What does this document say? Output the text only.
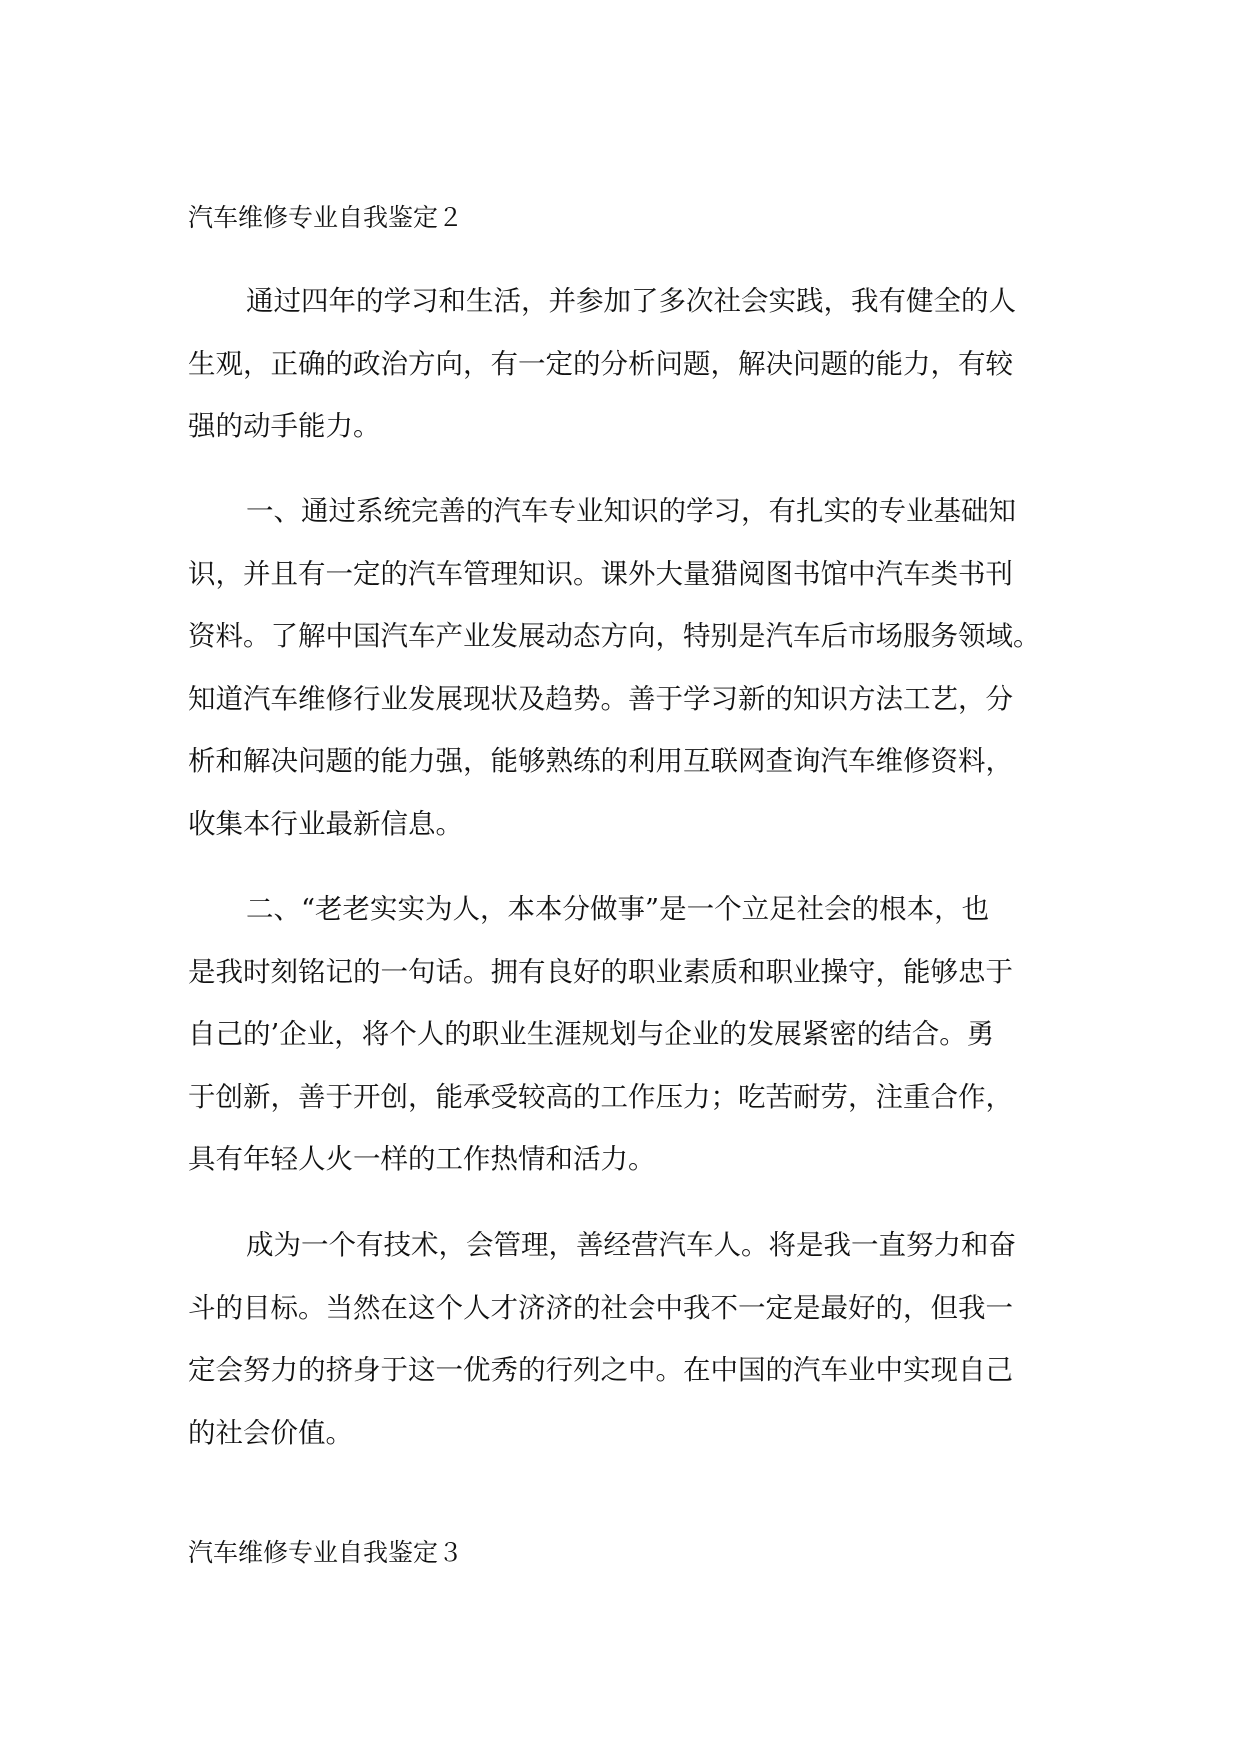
汽车维修专业自我鉴定２

通过四年的学习和生活，并参加了多次社会实践，我有健全的人
生观，正确的政治方向，有一定的分析问题，解决问题的能力，有较
强的动手能力。

一、通过系统完善的汽车专业知识的学习，有扎实的专业基础知
识，并且有一定的汽车管理知识。课外大量猎阅图书馆中汽车类书刊
资料。了解中国汽车产业发展动态方向，特别是汽车后市场服务领域。
知道汽车维修行业发展现状及趋势。善于学习新的知识方法工艺，分
析和解决问题的能力强，能够熟练的利用互联网查询汽车维修资料，
收集本行业最新信息。

二、“老老实实为人，本本分做事”是一个立足社会的根本，也
是我时刻铭记的一句话。拥有良好的职业素质和职业操守，能够忠于
自己的’企业，将个人的职业生涯规划与企业的发展紧密的结合。勇
于创新，善于开创，能承受较高的工作压力；吃苦耐劳，注重合作，
具有年轻人火一样的工作热情和活力。

成为一个有技术，会管理，善经营汽车人。将是我一直努力和奋
斗的目标。当然在这个人才济济的社会中我不一定是最好的，但我一
定会努力的挤身于这一优秀的行列之中。在中国的汽车业中实现自己
的社会价值。

汽车维修专业自我鉴定３
